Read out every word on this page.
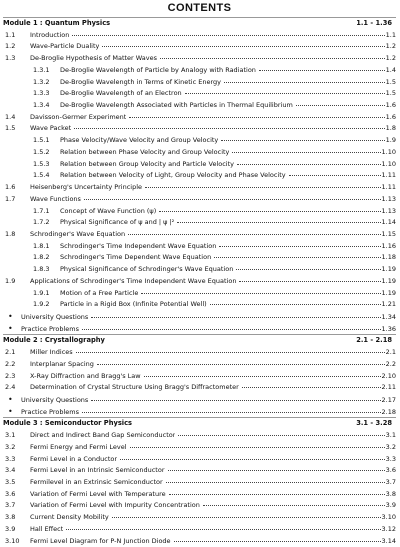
CONTENTS
Module 1 : Quantum Physics	1.1 - 1.36
1.1	Introduction	1.1
1.2	Wave-Particle Duality	1.2
1.3	De-Broglie Hypothesis of Matter Waves	1.2
1.3.1	De-Broglie Wavelength of Particle by Analogy with Radiation	1.4
1.3.2	De-Broglie Wavelength in Terms of Kinetic Energy	1.5
1.3.3	De-Broglie Wavelength of an Electron	1.5
1.3.4	De-Broglie Wavelength Associated with Particles in Thermal Equilibrium	1.6
1.4	Davisson-Germer Experiment	1.6
1.5	Wave Packet	1.8
1.5.1	Phase Velocity/Wave Velocity and Group Velocity	1.9
1.5.2	Relation between Phase Velocity and Group Velocity	1.10
1.5.3	Relation between Group Velocity and Particle Velocity	1.10
1.5.4	Relation between Velocity of Light, Group Velocity and Phase Velocity	1.11
1.6	Heisenberg's Uncertainty Principle	1.11
1.7	Wave Functions	1.13
1.7.1	Concept of Wave Function (ψ)	1.13
1.7.2	Physical Significance of ψ and | ψ |²	1.14
1.8	Schrodinger's Wave Equation	1.15
1.8.1	Schrodinger's Time Independent Wave Equation	1.16
1.8.2	Schrodinger's Time Dependent Wave Equation	1.18
1.8.3	Physical Significance of Schrodinger's Wave Equation	1.19
1.9	Applications of Schrodinger's Time Independent Wave Equation	1.19
1.9.1	Motion of a Free Particle	1.19
1.9.2	Particle in a Rigid Box (Infinite Potential Well)	1.21
•	University Questions	1.34
•	Practice Problems	1.36
Module 2 : Crystallography	2.1 - 2.18
2.1	Miller Indices	2.1
2.2	Interplanar Spacing	2.2
2.3	X-Ray Diffraction and Bragg's Law	2.10
2.4	Determination of Crystal Structure Using Bragg's Diffractometer	2.11
•	University Questions	2.17
•	Practice Problems	2.18
Module 3 : Semiconductor Physics	3.1 - 3.28
3.1	Direct and Indirect Band Gap Semiconductor	3.1
3.2	Fermi Energy and Fermi Level	3.2
3.3	Fermi Level in a Conductor	3.3
3.4	Fermi Level in an Intrinsic Semiconductor	3.6
3.5	Fermilevel in an Extrinsic Semiconductor	3.7
3.6	Variation of Fermi Level with Temperature	3.8
3.7	Variation of Fermi Level with Impurity Concentration	3.9
3.8	Current Density Mobility	3.10
3.9	Hall Effect	3.12
3.10	Fermi Level Diagram for P-N Junction Diode	3.14
